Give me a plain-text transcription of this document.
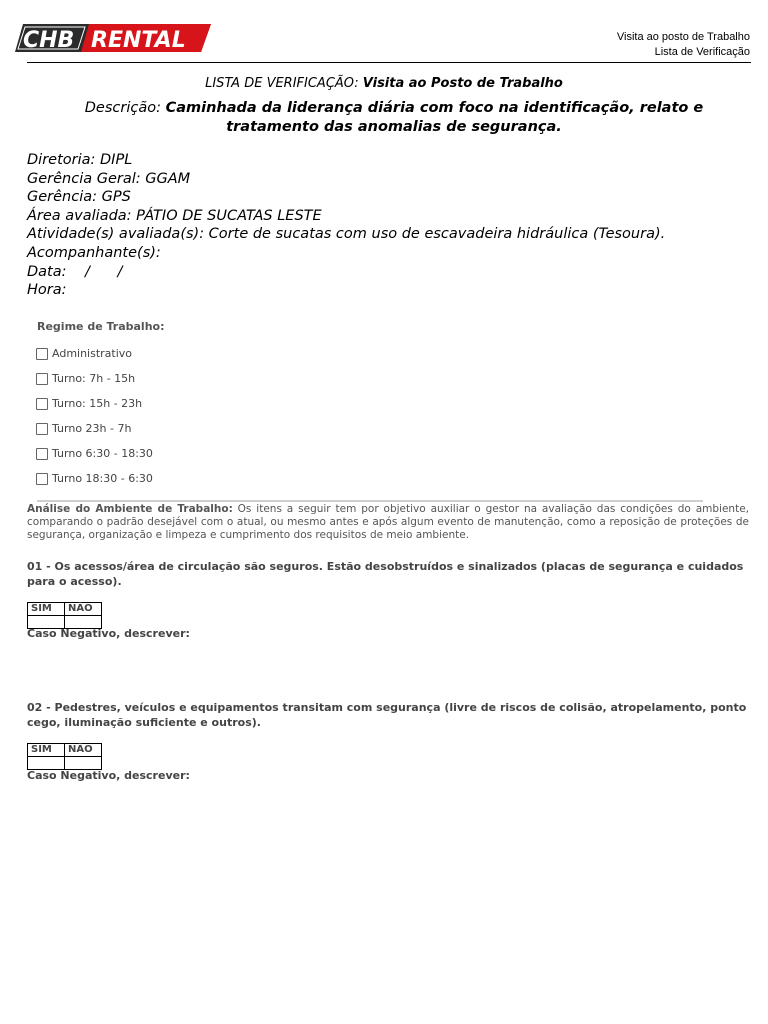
CHB RENTAL	Visita ao posto de Trabalho
Lista de Verificação
LISTA DE VERIFICAÇÃO: Visita ao Posto de Trabalho
Descrição: Caminhada da liderança diária com foco na identificação, relato e tratamento das anomalias de segurança.
Diretoria: DIPL
Gerência Geral: GGAM
Gerência: GPS
Área avaliada: PÁTIO DE SUCATAS LESTE
Atividade(s) avaliada(s): Corte de sucatas com uso de escavadeira hidráulica (Tesoura).
Acompanhante(s):
Data:    /      /
Hora:
Regime de Trabalho:
Administrativo
Turno: 7h - 15h
Turno: 15h - 23h
Turno 23h - 7h
Turno 6:30 - 18:30
Turno 18:30 - 6:30
Análise do Ambiente de Trabalho: Os itens a seguir tem por objetivo auxiliar o gestor na avaliação das condições do ambiente, comparando o padrão desejável com o atual, ou mesmo antes e após algum evento de manutenção, como a reposição de proteções de segurança, organização e limpeza e cumprimento dos requisitos de meio ambiente.
01 - Os acessos/área de circulação são seguros. Estão desobstruídos e sinalizados (placas de segurança e cuidados para o acesso).
SIM	NÃO

Caso Negativo, descrever:
02 - Pedestres, veículos e equipamentos transitam com segurança (livre de riscos de colisão, atropelamento, ponto cego, iluminação suficiente e outros).
SIM	NÃO

Caso Negativo, descrever:
